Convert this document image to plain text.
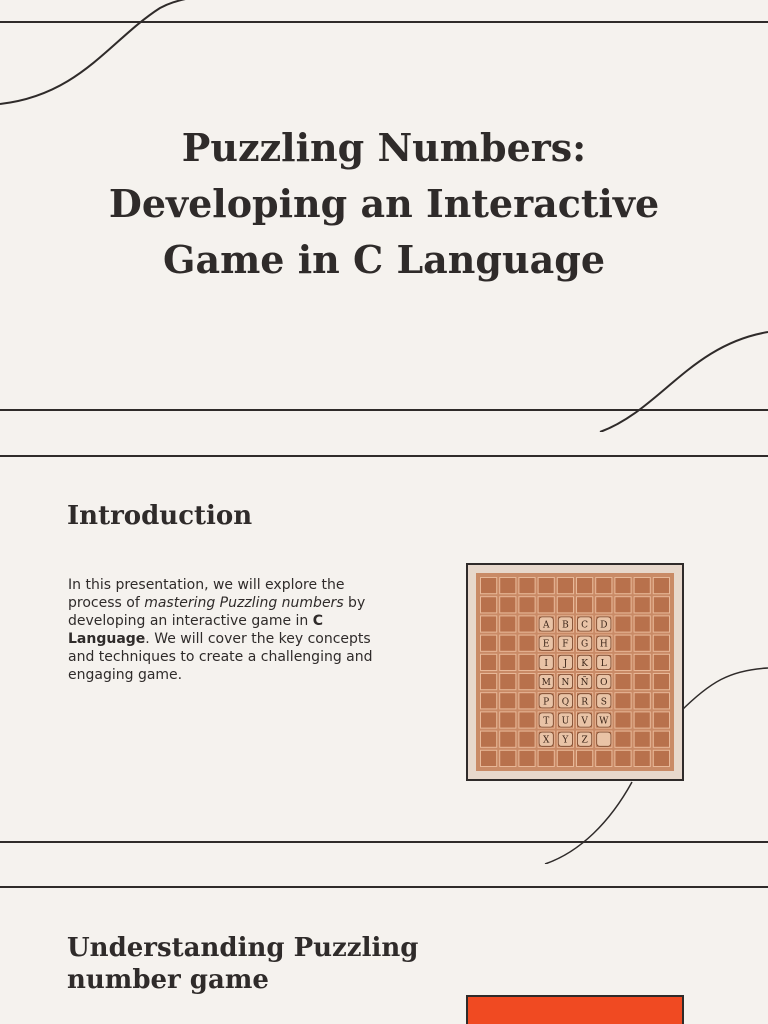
Puzzling Numbers: Developing an Interactive Game in C Language
Introduction

In this presentation, we will explore the process of mastering Puzzling numbers by developing an interactive game in C Language. We will cover the key concepts and techniques to create a challenging and engaging game.

A B C D
E F G H
I J K L
M N Ñ O
P Q R S
T U V W
X Y Z
Understanding Puzzling number game
